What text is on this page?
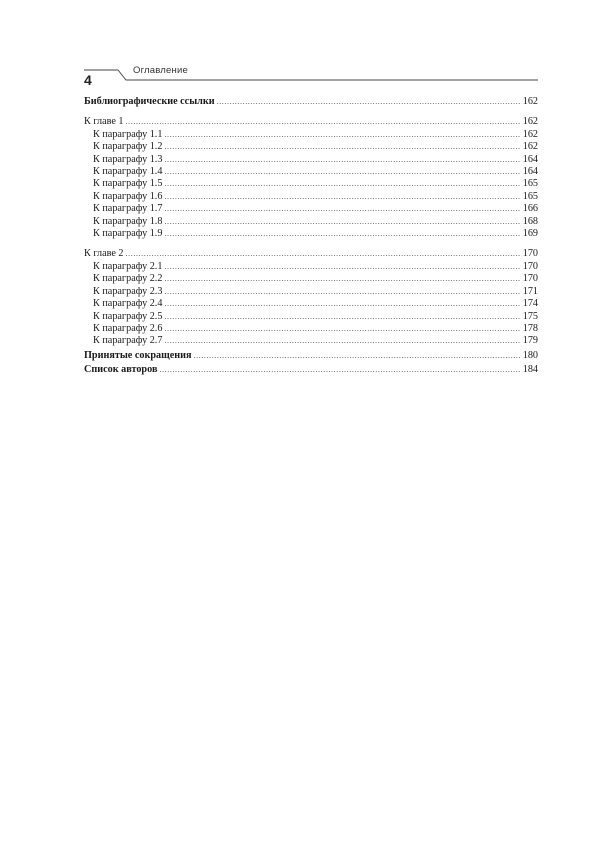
4
Оглавление
Библиографические ссылки .....	162
К главе 1 .....	162
К параграфу 1.1 .....	162
К параграфу 1.2 .....	162
К параграфу 1.3 .....	164
К параграфу 1.4 .....	164
К параграфу 1.5 .....	165
К параграфу 1.6 .....	165
К параграфу 1.7 .....	166
К параграфу 1.8 .....	168
К параграфу 1.9 .....	169
К главе 2 .....	170
К параграфу 2.1 .....	170
К параграфу 2.2 .....	170
К параграфу 2.3 .....	171
К параграфу 2.4 .....	174
К параграфу 2.5 .....	175
К параграфу 2.6 .....	178
К параграфу 2.7 .....	179
Принятые сокращения .....	180
Список авторов .....	184
